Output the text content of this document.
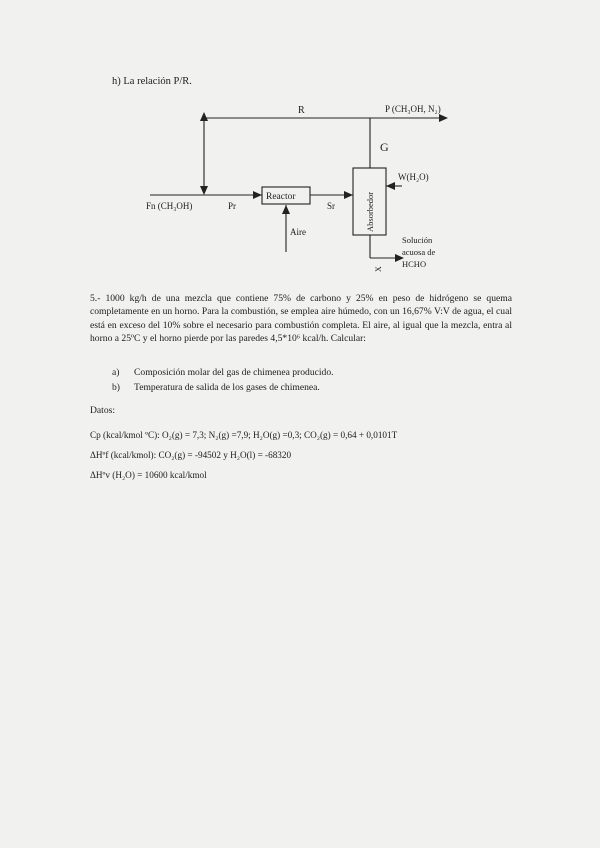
h) La relación P/R.
R	P (CH₃OH, N₂)
G
W(H₂O)
Fn (CH₃OH)	Pr
Reactor
Sr
Aire	Absorbedor
X
Solución
acuosa de
HCHO
5.- 1000 kg/h de una mezcla que contiene 75% de carbono y 25% en peso de hidrógeno se quema completamente en un horno. Para la combustión, se emplea aire húmedo, con un 16,67% V:V de agua, el cual está en exceso del 10% sobre el necesario para combustión completa. El aire, al igual que la mezcla, entra al horno a 25ºC y el horno pierde por las paredes 4,5*10⁶ kcal/h. Calcular:
a)	Composición molar del gas de chimenea producido.
b)	Temperatura de salida de los gases de chimenea.
Datos:
Cp (kcal/kmol ºC): O₂(g) = 7,3; N₂(g) =7,9; H₂O(g) =0,3; CO₂(g) = 0,64 + 0,0101T
ΔHºf (kcal/kmol): CO₂(g) = -94502 y H₂O(l) = -68320
ΔHºv (H₂O) = 10600 kcal/kmol
